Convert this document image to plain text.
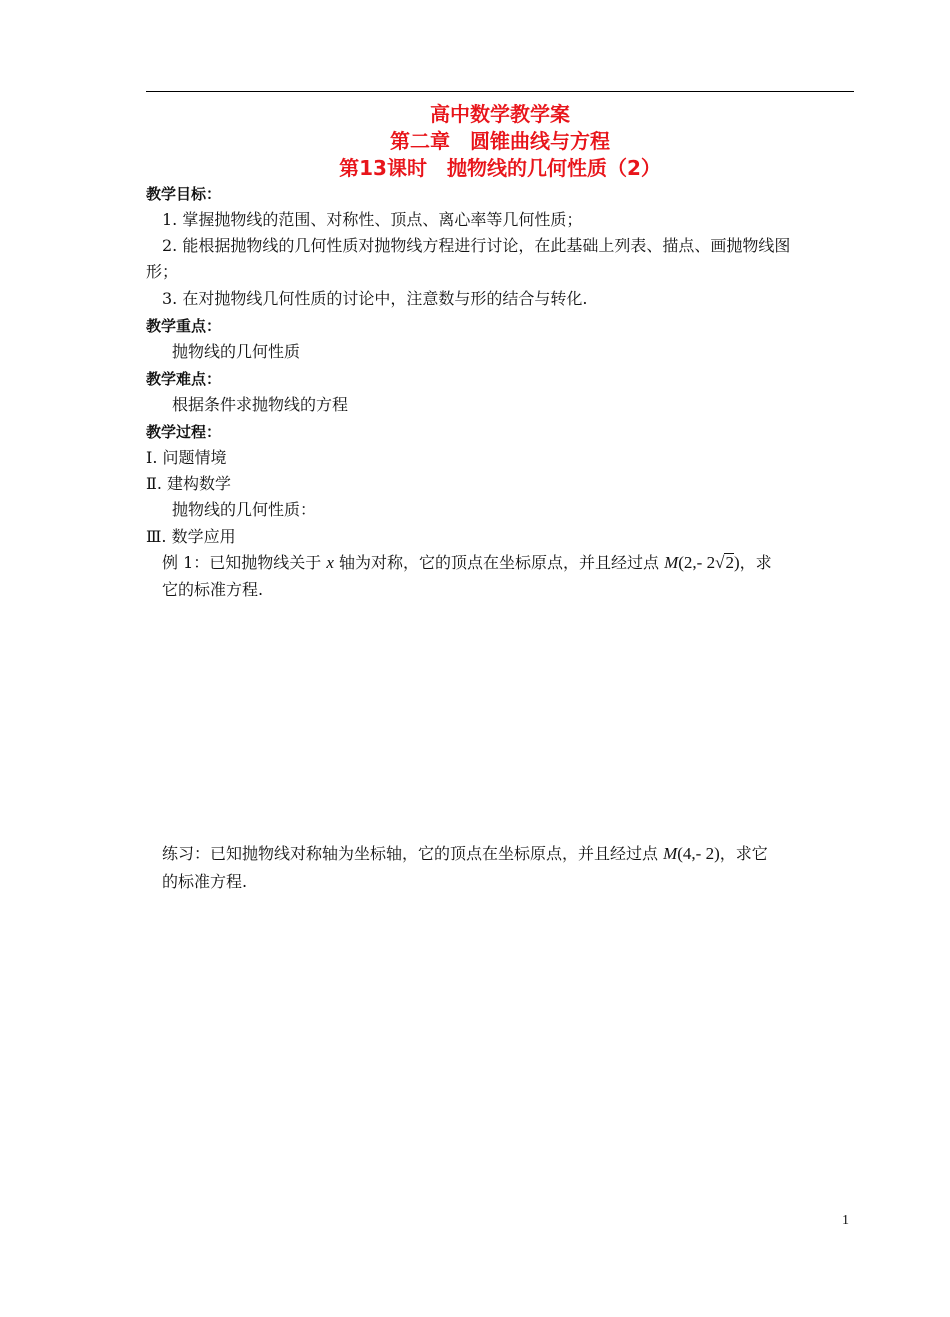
高中数学教学案
第二章　圆锥曲线与方程
第13课时　抛物线的几何性质（2）
教学目标：
1. 掌握抛物线的范围、对称性、顶点、离心率等几何性质；
2. 能根据抛物线的几何性质对抛物线方程进行讨论，在此基础上列表、描点、画抛物线图
形；
3. 在对抛物线几何性质的讨论中，注意数与形的结合与转化.
教学重点：
抛物线的几何性质
教学难点：
根据条件求抛物线的方程
教学过程：
Ⅰ. 问题情境
Ⅱ. 建构数学
抛物线的几何性质：
Ⅲ. 数学应用
例 1：已知抛物线关于 x 轴为对称，它的顶点在坐标原点，并且经过点 M(2,- 2√2)，求
它的标准方程.
练习：已知抛物线对称轴为坐标轴，它的顶点在坐标原点，并且经过点 M(4,- 2)，求它
的标准方程.
1
